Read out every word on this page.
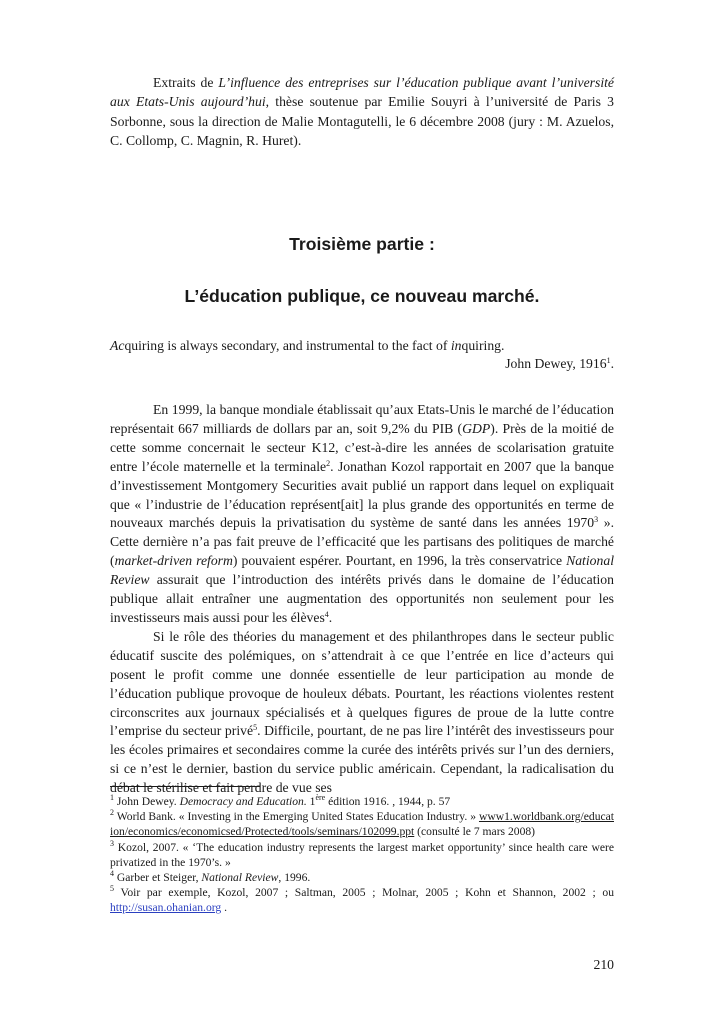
Extraits de L’influence des entreprises sur l’éducation publique avant l’université aux Etats-Unis aujourd’hui, thèse soutenue par Emilie Souyri à l’université de Paris 3 Sorbonne, sous la direction de Malie Montagutelli, le 6 décembre 2008 (jury : M. Azuelos, C. Collomp, C. Magnin, R. Huret).
Troisième partie :
L’éducation publique, ce nouveau marché.
Acquiring is always secondary, and instrumental to the fact of inquiring.
John Dewey, 1916$^1$.

En 1999, la banque mondiale établissait qu’aux Etats-Unis le marché de l’éducation représentait 667 milliards de dollars par an, soit 9,2% du PIB (GDP). Près de la moitié de cette somme concernait le secteur K12, c’est-à-dire les années de scolarisation gratuite entre l’école maternelle et la terminale$^2$. Jonathan Kozol rapportait en 2007 que la banque d’investissement Montgomery Securities avait publié un rapport dans lequel on expliquait que « l’industrie de l’éducation représent[ait] la plus grande des opportunités en terme de nouveaux marchés depuis la privatisation du système de santé dans les années 1970$^3$ ». Cette dernière n’a pas fait preuve de l’efficacité que les partisans des politiques de marché (market-driven reform) pouvaient espérer. Pourtant, en 1996, la très conservatrice National Review assurait que l’introduction des intérêts privés dans le domaine de l’éducation publique allait entraîner une augmentation des opportunités non seulement pour les investisseurs mais aussi pour les élèves$^4$.

Si le rôle des théories du management et des philanthropes dans le secteur public éducatif suscite des polémiques, on s’attendrait à ce que l’entrée en lice d’acteurs qui posent le profit comme une donnée essentielle de leur participation au monde de l’éducation publique provoque de houleux débats. Pourtant, les réactions violentes restent circonscrites aux journaux spécialisés et à quelques figures de proue de la lutte contre l’emprise du secteur privé$^5$. Difficile, pourtant, de ne pas lire l’intérêt des investisseurs pour les écoles primaires et secondaires comme la curée des intérêts privés sur l’un des derniers, si ce n’est le dernier, bastion du service public américain. Cependant, la radicalisation du débat le stérilise et fait perdre de vue ses

$^1$ John Dewey. Democracy and Education. 1ère édition 1916. , 1944, p. 57

$^2$ World Bank. « Investing in the Emerging United States Education Industry. » www1.worldbank.org/education/economics/economicsed/Protected/tools/seminars/102099.ppt (consulté le 7 mars 2008)

$^3$ Kozol, 2007. « ‘The education industry represents the largest market opportunity’ since health care were privatized in the 1970’s. »

$^4$ Garber et Steiger, National Review, 1996.

$^5$ Voir par exemple, Kozol, 2007 ; Saltman, 2005 ; Molnar, 2005 ; Kohn et Shannon, 2002 ; ou http://susan.ohanian.org .

210
